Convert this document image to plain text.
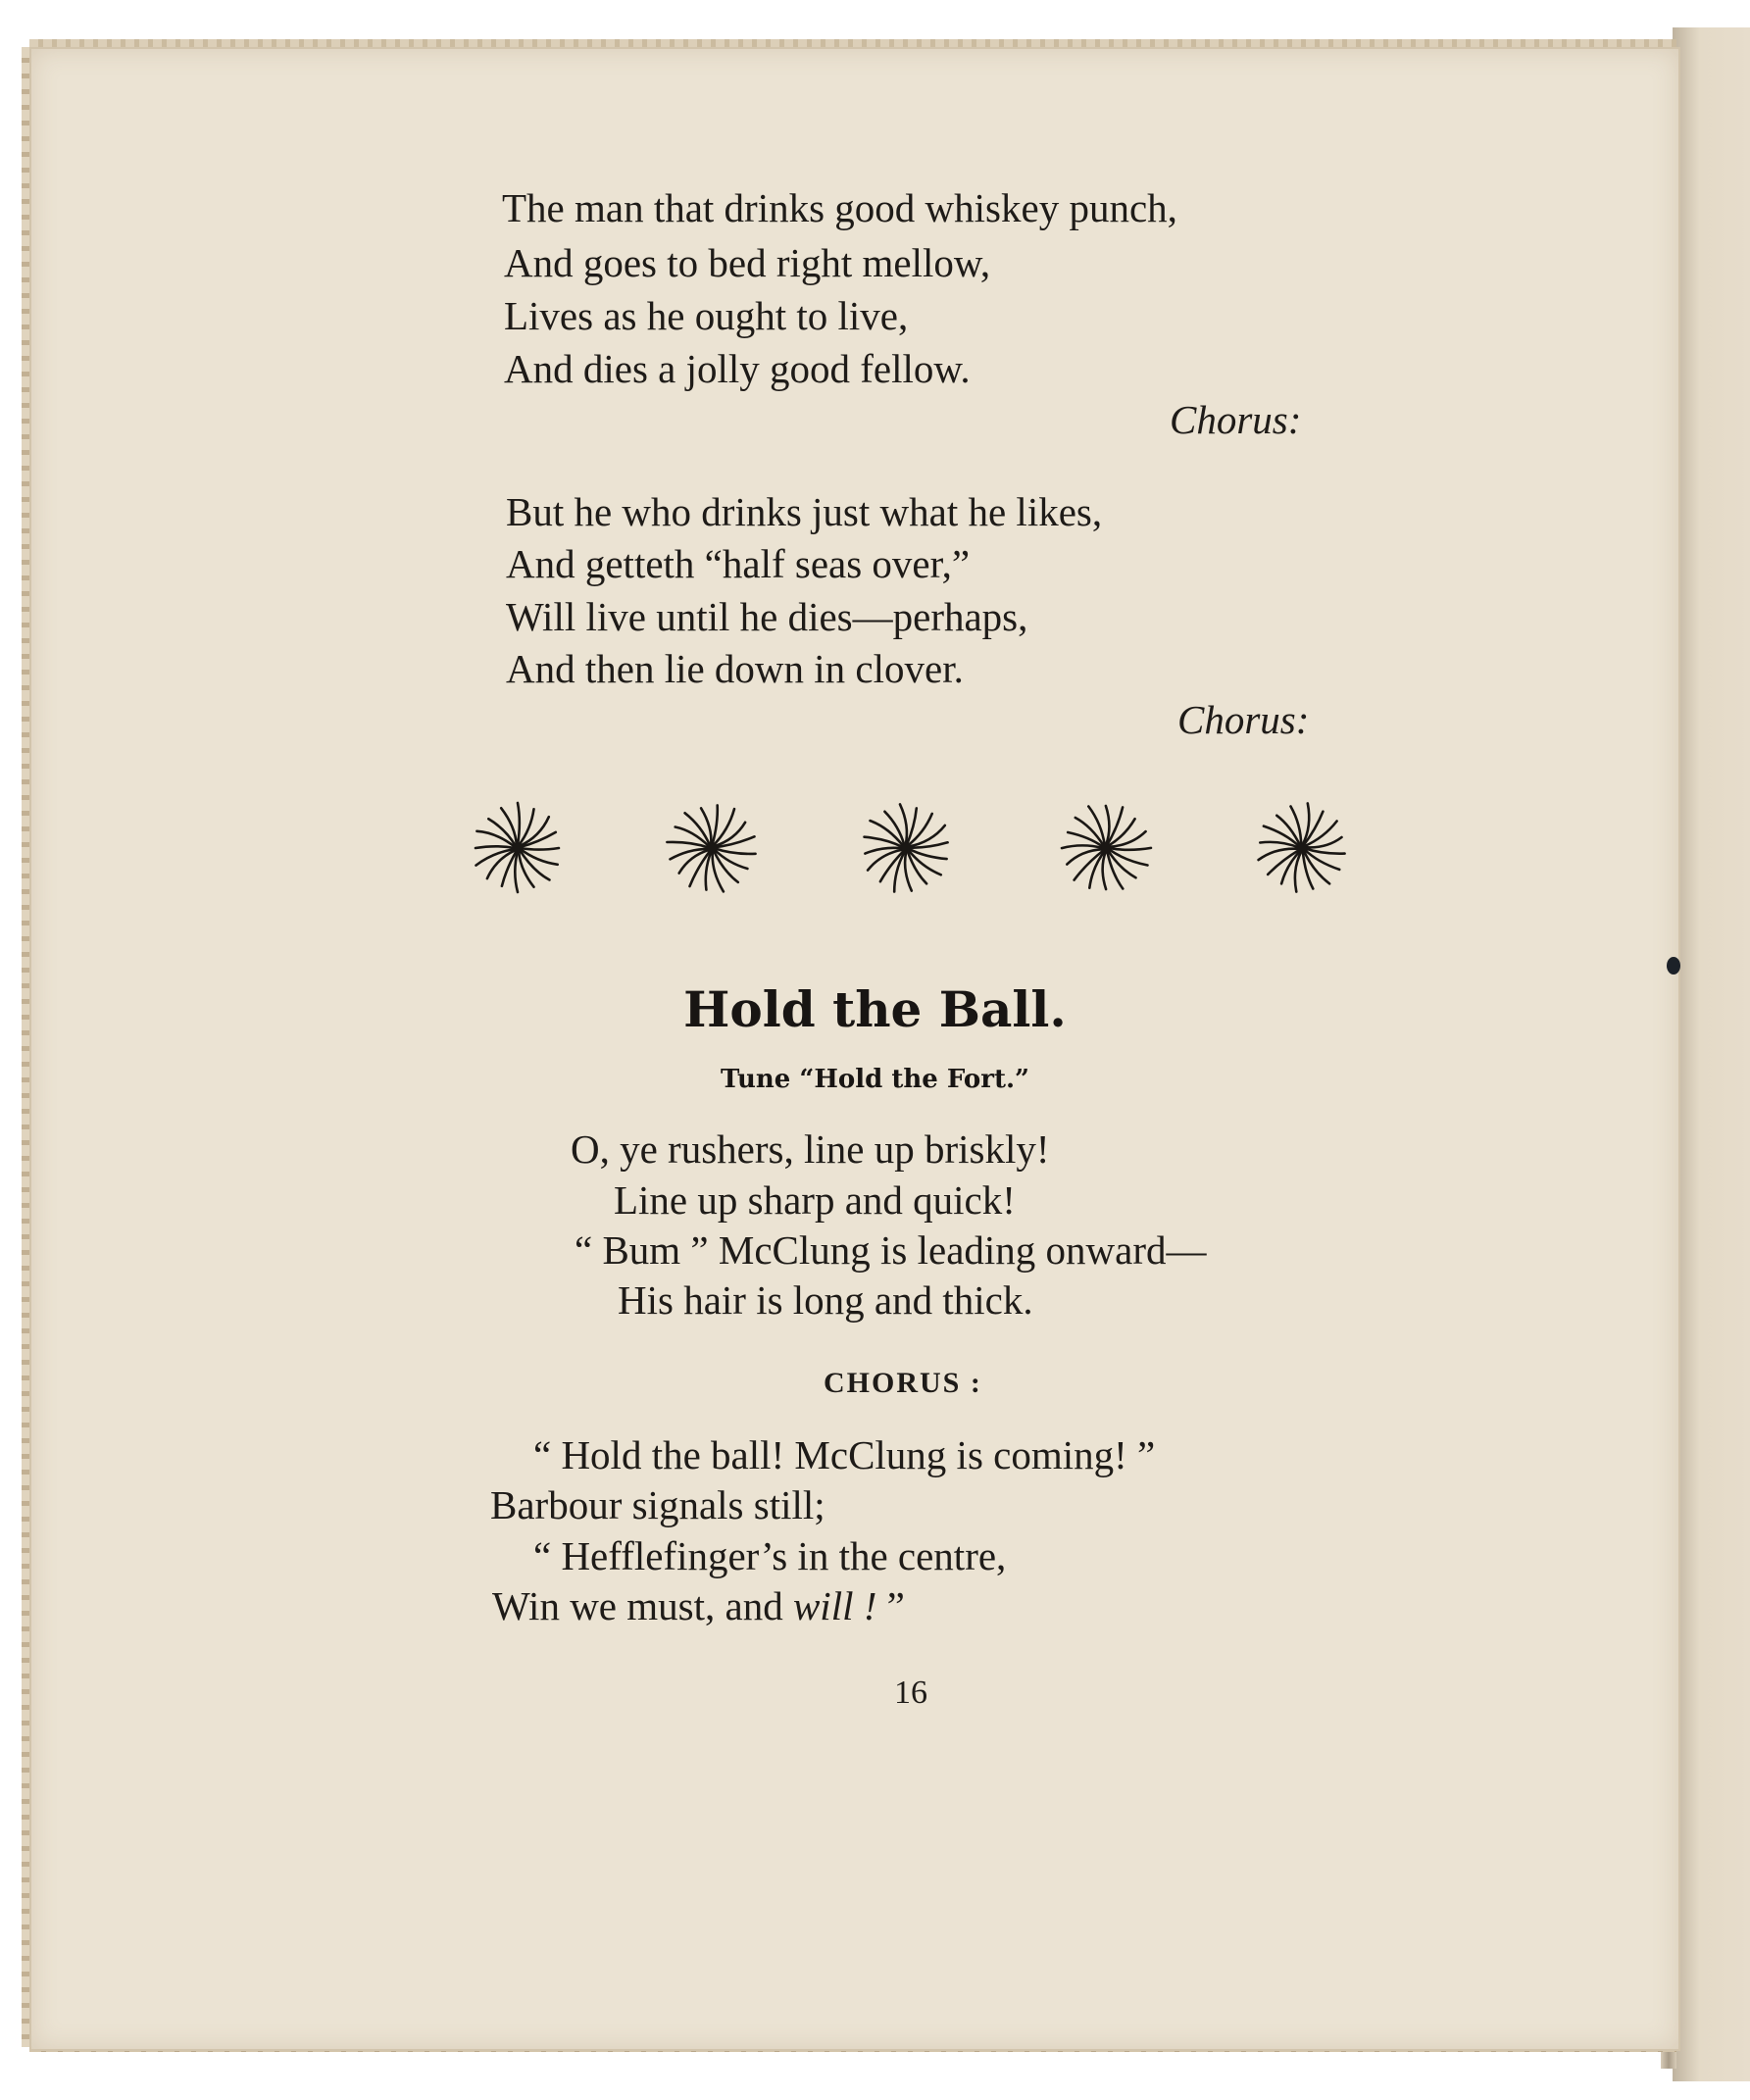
The man that drinks good whiskey punch,
And goes to bed right mellow,
Lives as he ought to live,
And dies a jolly good fellow.
Chorus:
But he who drinks just what he likes,
And getteth “half seas over,”
Will live until he dies—perhaps,
And then lie down in clover.
Chorus:
Hold the Ball.
Tune “Hold the Fort.”
O, ye rushers, line up briskly!
Line up sharp and quick!
“ Bum ” McClung is leading onward—
His hair is long and thick.
CHORUS :
“ Hold the ball! McClung is coming! ”
Barbour signals still;
“ Hefflefinger’s in the centre,
Win we must, and will ! ”
16
